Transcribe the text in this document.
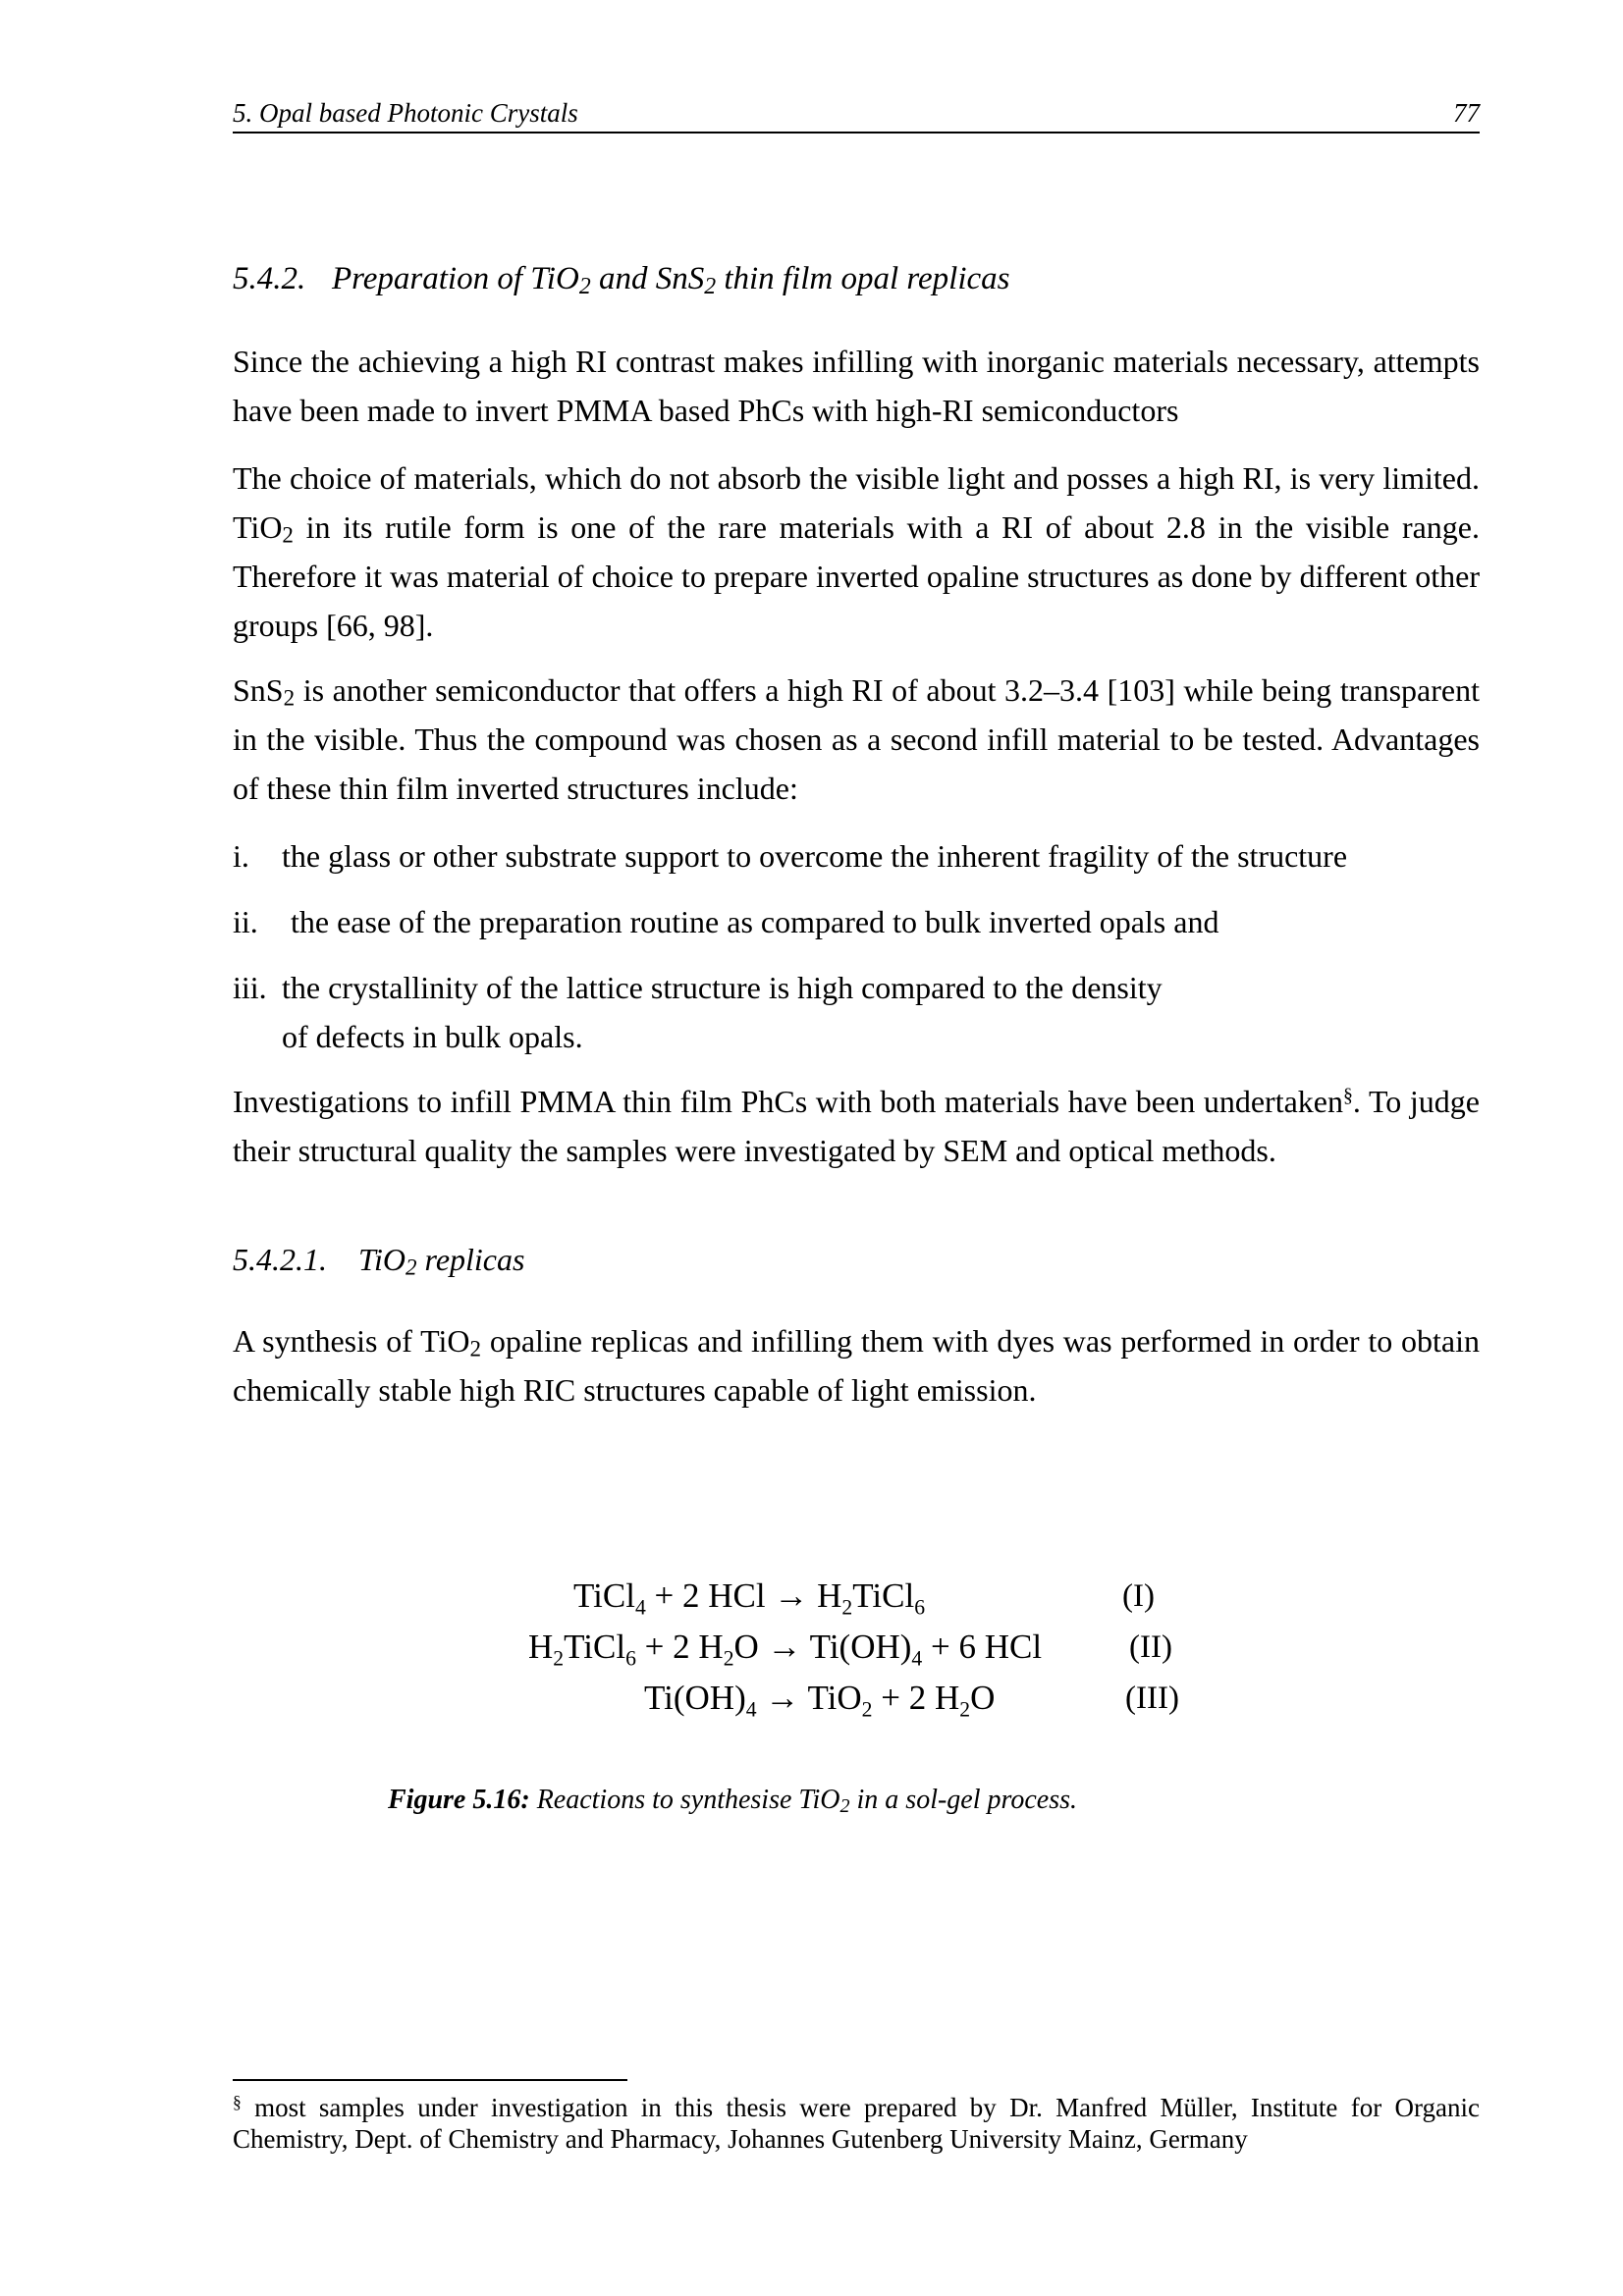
5. Opal based Photonic Crystals	77
5.4.2. Preparation of TiO$_2$ and SnS$_2$ thin film opal replicas

Since the achieving a high RI contrast makes infilling with inorganic materials necessary, attempts have been made to invert PMMA based PhCs with high-RI semiconductors

The choice of materials, which do not absorb the visible light and posses a high RI, is very limited. TiO$_2$ in its rutile form is one of the rare materials with a RI of about 2.8 in the visible range. Therefore it was material of choice to prepare inverted opaline structures as done by different other groups [66, 98].

SnS$_2$ is another semiconductor that offers a high RI of about 3.2–3.4 [103] while being transparent in the visible. Thus the compound was chosen as a second infill material to be tested. Advantages of these thin film inverted structures include:

i. the glass or other substrate support to overcome the inherent fragility of the structure
ii. the ease of the preparation routine as compared to bulk inverted opals and
iii. the crystallinity of the lattice structure is high compared to the density of defects in bulk opals.

Investigations to infill PMMA thin film PhCs with both materials have been undertaken§. To judge their structural quality the samples were investigated by SEM and optical methods.

5.4.2.1. TiO$_2$ replicas

A synthesis of TiO$_2$ opaline replicas and infilling them with dyes was performed in order to obtain chemically stable high RIC structures capable of light emission.

TiCl$_4$ + 2 HCl → $H_2TiCl_6$	(I)
$H_2TiCl_6 + 2$ $H_2O \to Ti(OH)_4 + 6$ HCl	(II)
$Ti(OH)_4 \to TiO_2 + 2$ $H_2O$	(III)
Figure 5.16: Reactions to synthesise TiO$_2$ in a sol-gel process.
§ most samples under investigation in this thesis were prepared by Dr. Manfred Müller, Institute for Organic Chemistry, Dept. of Chemistry and Pharmacy, Johannes Gutenberg University Mainz, Germany
